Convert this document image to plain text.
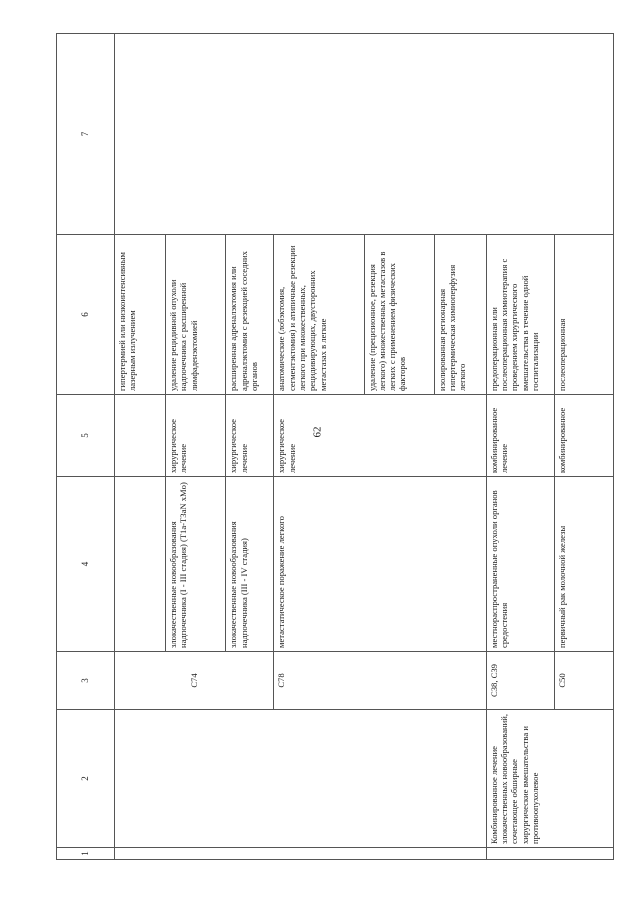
62
1	2	3	4	5	6	7
		C74			гипертермией или низкоинтенсивным лазерным излучением	
			злокачественные новообразования надпочечника (I - III стадия) (T1a-T3aN xMo)	хирургическое лечение	удаление рецидивной опухоли надпочечника с расширенной лимфаденэктомией	
			злокачественные новообразования надпочечника (III - IV стадия)	хирургическое лечение	расширенная адреналэктомия или адреналэктомия с резекцией соседних органов	
		C78	метастатическое поражение легкого	хирургическое лечение	анатомические (лобэктомия, сегментэктомия) и атипичные резекции легкого при множественных, рецидивирующих, двусторонних метастазах в легкие	
					удаление (прецизионное, резекция легкого) множественных метастазов в легких с применением физических факторов	
					изолированная регионарная гипертермическая химиоперфузия легкого	
	Комбинированное лечение злокачественных новообразований, сочетающее обширные хирургические вмешательства и противоопухолевое	C38, C39	местнораспространенные опухоли органов средостения	комбинированное лечение	предоперационная или послеоперационная химиотерапия с проведением хирургического вмешательства в течение одной госпитализации	
		C50	первичный рак молочной железы	комбинированное	послеоперационная	
